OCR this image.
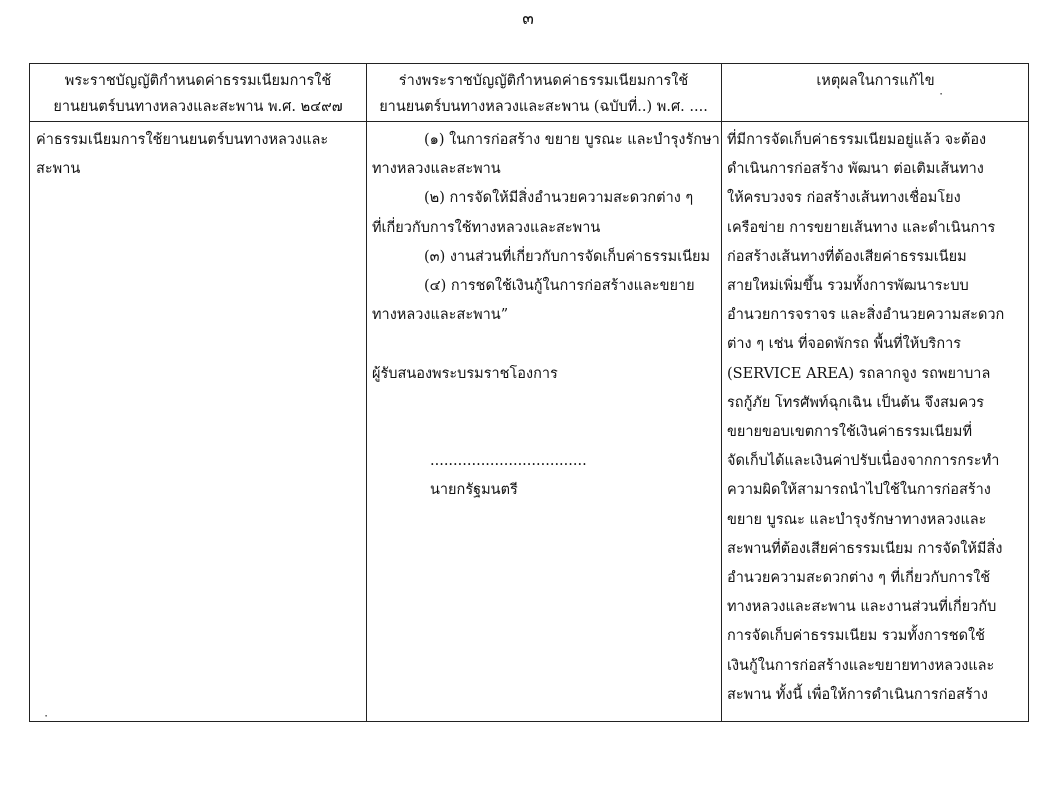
๓
พระราชบัญญัติกำหนดค่าธรรมเนียมการใช้
ยานยนตร์บนทางหลวงและสะพาน พ.ศ. ๒๔๙๗
ร่างพระราชบัญญัติกำหนดค่าธรรมเนียมการใช้
ยานยนตร์บนทางหลวงและสะพาน (ฉบับที่..) พ.ศ. ....
เหตุผลในการแก้ไข
ค่าธรรมเนียมการใช้ยานยนตร์บนทางหลวงและ
สะพาน
(๑) ในการก่อสร้าง ขยาย บูรณะ และบำรุงรักษา
ทางหลวงและสะพาน
(๒) การจัดให้มีสิ่งอำนวยความสะดวกต่าง ๆ
ที่เกี่ยวกับการใช้ทางหลวงและสะพาน
(๓) งานส่วนที่เกี่ยวกับการจัดเก็บค่าธรรมเนียม
(๔) การชดใช้เงินกู้ในการก่อสร้างและขยาย
ทางหลวงและสะพาน”
ผู้รับสนองพระบรมราชโองการ
..................................
นายกรัฐมนตรี
ที่มีการจัดเก็บค่าธรรมเนียมอยู่แล้ว จะต้อง
ดำเนินการก่อสร้าง พัฒนา ต่อเติมเส้นทาง
ให้ครบวงจร ก่อสร้างเส้นทางเชื่อมโยง
เครือข่าย การขยายเส้นทาง และดำเนินการ
ก่อสร้างเส้นทางที่ต้องเสียค่าธรรมเนียม
สายใหม่เพิ่มขึ้น รวมทั้งการพัฒนาระบบ
อำนวยการจราจร และสิ่งอำนวยความสะดวก
ต่าง ๆ เช่น ที่จอดพักรถ พื้นที่ให้บริการ
(SERVICE AREA) รถลากจูง รถพยาบาล
รถกู้ภัย โทรศัพท์ฉุกเฉิน เป็นต้น จึงสมควร
ขยายขอบเขตการใช้เงินค่าธรรมเนียมที่
จัดเก็บได้และเงินค่าปรับเนื่องจากการกระทำ
ความผิดให้สามารถนำไปใช้ในการก่อสร้าง
ขยาย บูรณะ และบำรุงรักษาทางหลวงและ
สะพานที่ต้องเสียค่าธรรมเนียม การจัดให้มีสิ่ง
อำนวยความสะดวกต่าง ๆ ที่เกี่ยวกับการใช้
ทางหลวงและสะพาน และงานส่วนที่เกี่ยวกับ
การจัดเก็บค่าธรรมเนียม รวมทั้งการชดใช้
เงินกู้ในการก่อสร้างและขยายทางหลวงและ
สะพาน ทั้งนี้ เพื่อให้การดำเนินการก่อสร้าง
⋅
⋅
